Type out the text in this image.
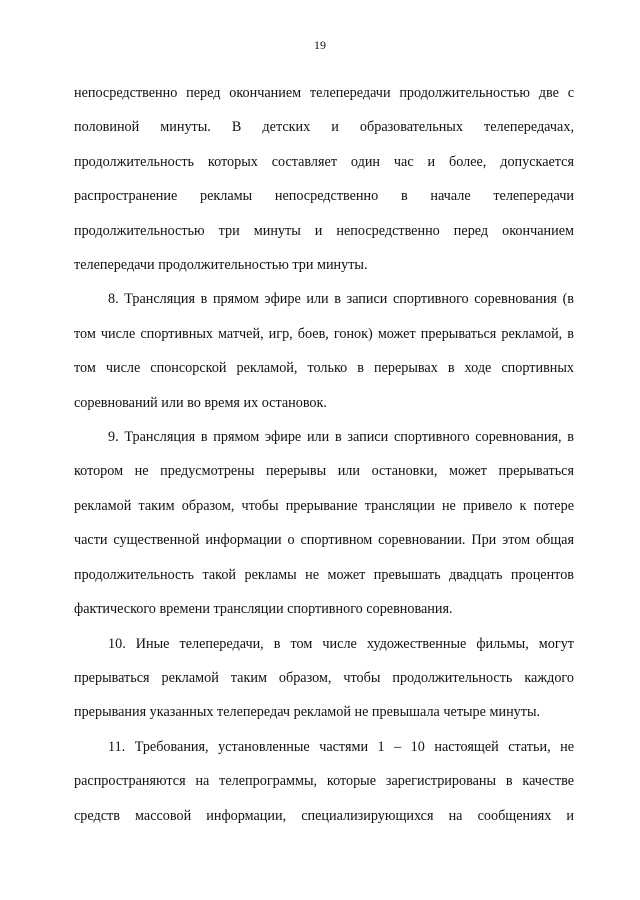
19

непосредственно перед окончанием телепередачи продолжительностью две с половиной минуты. В детских и образовательных телепередачах, продолжительность которых составляет один час и более, допускается распространение рекламы непосредственно в начале телепередачи продолжительностью три минуты и непосредственно перед окончанием телепередачи продолжительностью три минуты.

8. Трансляция в прямом эфире или в записи спортивного соревнования (в том числе спортивных матчей, игр, боев, гонок) может прерываться рекламой, в том числе спонсорской рекламой, только в перерывах в ходе спортивных соревнований или во время их остановок.

9. Трансляция в прямом эфире или в записи спортивного соревнования, в котором не предусмотрены перерывы или остановки, может прерываться рекламой таким образом, чтобы прерывание трансляции не привело к потере части существенной информации о спортивном соревновании. При этом общая продолжительность такой рекламы не может превышать двадцать процентов фактического времени трансляции спортивного соревнования.

10. Иные телепередачи, в том числе художественные фильмы, могут прерываться рекламой таким образом, чтобы продолжительность каждого прерывания указанных телепередач рекламой не превышала четыре минуты.

11. Требования, установленные частями 1 – 10 настоящей статьи, не распространяются на телепрограммы, которые зарегистрированы в качестве средств массовой информации, специализирующихся на сообщениях и
